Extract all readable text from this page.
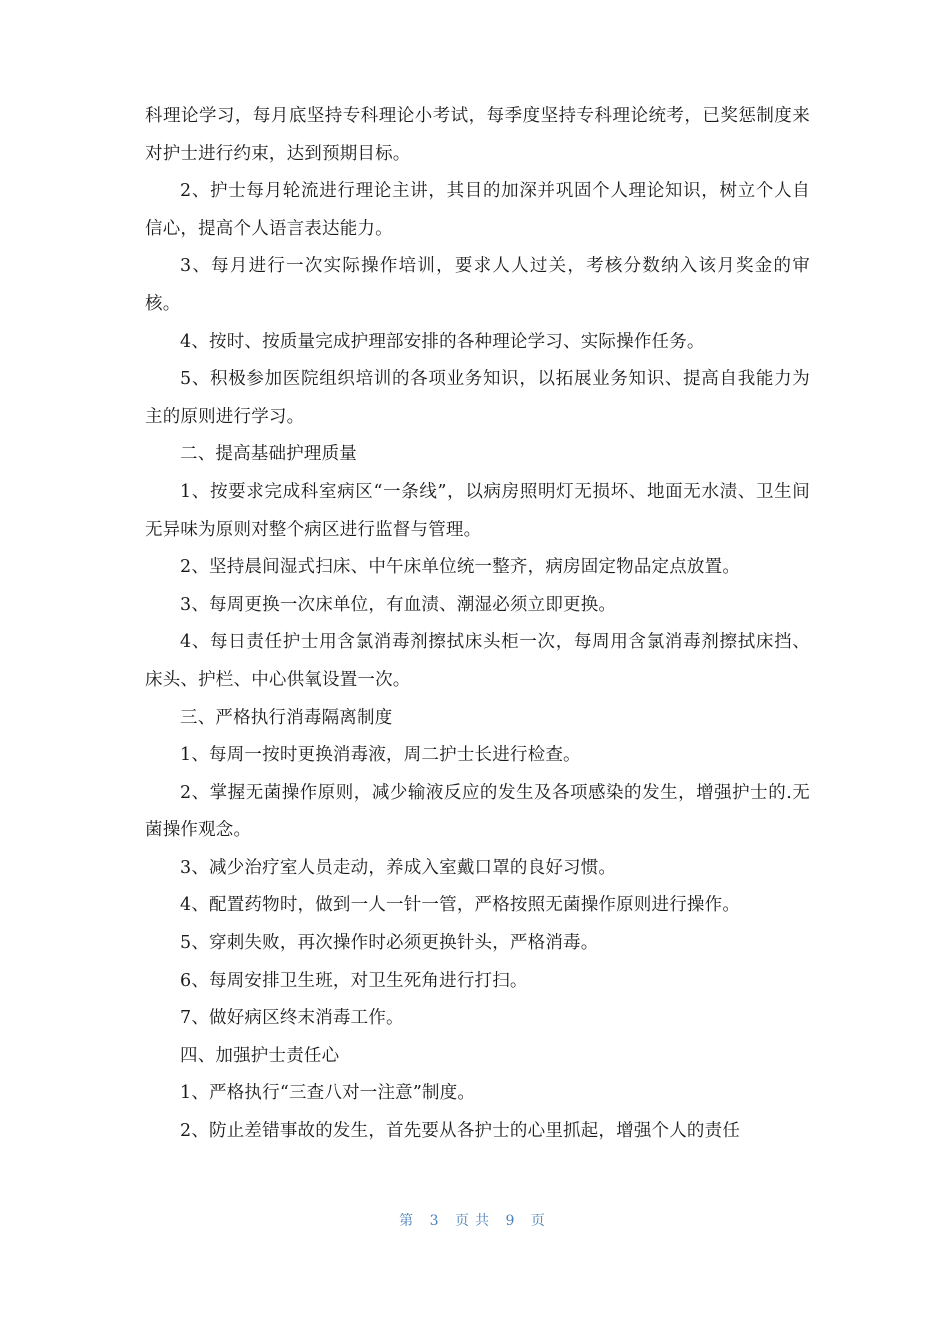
科理论学习，每月底坚持专科理论小考试，每季度坚持专科理论统考，已奖惩制度来对护士进行约束，达到预期目标。

2、护士每月轮流进行理论主讲，其目的加深并巩固个人理论知识，树立个人自信心，提高个人语言表达能力。

3、每月进行一次实际操作培训，要求人人过关，考核分数纳入该月奖金的审核。

4、按时、按质量完成护理部安排的各种理论学习、实际操作任务。

5、积极参加医院组织培训的各项业务知识，以拓展业务知识、提高自我能力为主的原则进行学习。

二、提高基础护理质量

1、按要求完成科室病区“一条线”，以病房照明灯无损坏、地面无水渍、卫生间无异味为原则对整个病区进行监督与管理。

2、坚持晨间湿式扫床、中午床单位统一整齐，病房固定物品定点放置。

3、每周更换一次床单位，有血渍、潮湿必须立即更换。

4、每日责任护士用含氯消毒剂擦拭床头柜一次，每周用含氯消毒剂擦拭床挡、床头、护栏、中心供氧设置一次。

三、严格执行消毒隔离制度

1、每周一按时更换消毒液，周二护士长进行检查。

2、掌握无菌操作原则，减少输液反应的发生及各项感染的发生，增强护士的.无菌操作观念。

3、减少治疗室人员走动，养成入室戴口罩的良好习惯。

4、配置药物时，做到一人一针一管，严格按照无菌操作原则进行操作。

5、穿刺失败，再次操作时必须更换针头，严格消毒。

6、每周安排卫生班，对卫生死角进行打扫。

7、做好病区终末消毒工作。

四、加强护士责任心

1、严格执行“三查八对一注意”制度。

2、防止差错事故的发生，首先要从各护士的心里抓起，增强个人的责任

第 3 页共 9 页
